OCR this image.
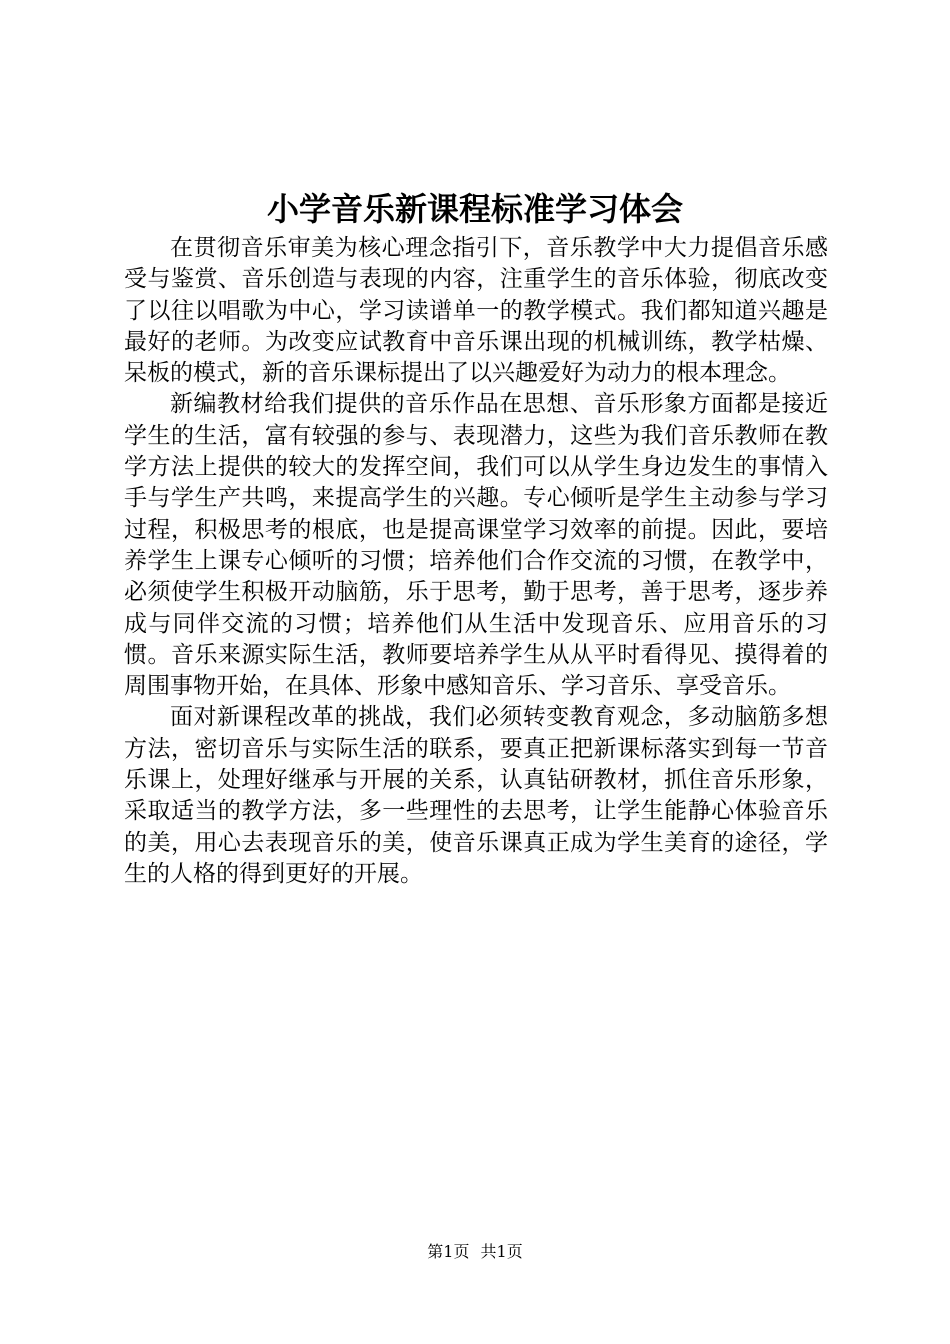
小学音乐新课程标准学习体会

在贯彻音乐审美为核心理念指引下，音乐教学中大力提倡音乐感受与鉴赏、音乐创造与表现的内容，注重学生的音乐体验，彻底改变了以往以唱歌为中心，学习读谱单一的教学模式。我们都知道兴趣是最好的老师。为改变应试教育中音乐课出现的机械训练，教学枯燥、呆板的模式，新的音乐课标提出了以兴趣爱好为动力的根本理念。

新编教材给我们提供的音乐作品在思想、音乐形象方面都是接近学生的生活，富有较强的参与、表现潜力，这些为我们音乐教师在教学方法上提供的较大的发挥空间，我们可以从学生身边发生的事情入手与学生产共鸣，来提高学生的兴趣。专心倾听是学生主动参与学习过程，积极思考的根底，也是提高课堂学习效率的前提。因此，要培养学生上课专心倾听的习惯；培养他们合作交流的习惯，在教学中，必须使学生积极开动脑筋，乐于思考，勤于思考，善于思考，逐步养成与同伴交流的习惯；培养他们从生活中发现音乐、应用音乐的习惯。音乐来源实际生活，教师要培养学生从从平时看得见、摸得着的周围事物开始，在具体、形象中感知音乐、学习音乐、享受音乐。

面对新课程改革的挑战，我们必须转变教育观念，多动脑筋多想方法，密切音乐与实际生活的联系，要真正把新课标落实到每一节音乐课上，处理好继承与开展的关系，认真钻研教材，抓住音乐形象，采取适当的教学方法，多一些理性的去思考，让学生能静心体验音乐的美，用心去表现音乐的美，使音乐课真正成为学生美育的途径，学生的人格的得到更好的开展。

第1页 共1页
